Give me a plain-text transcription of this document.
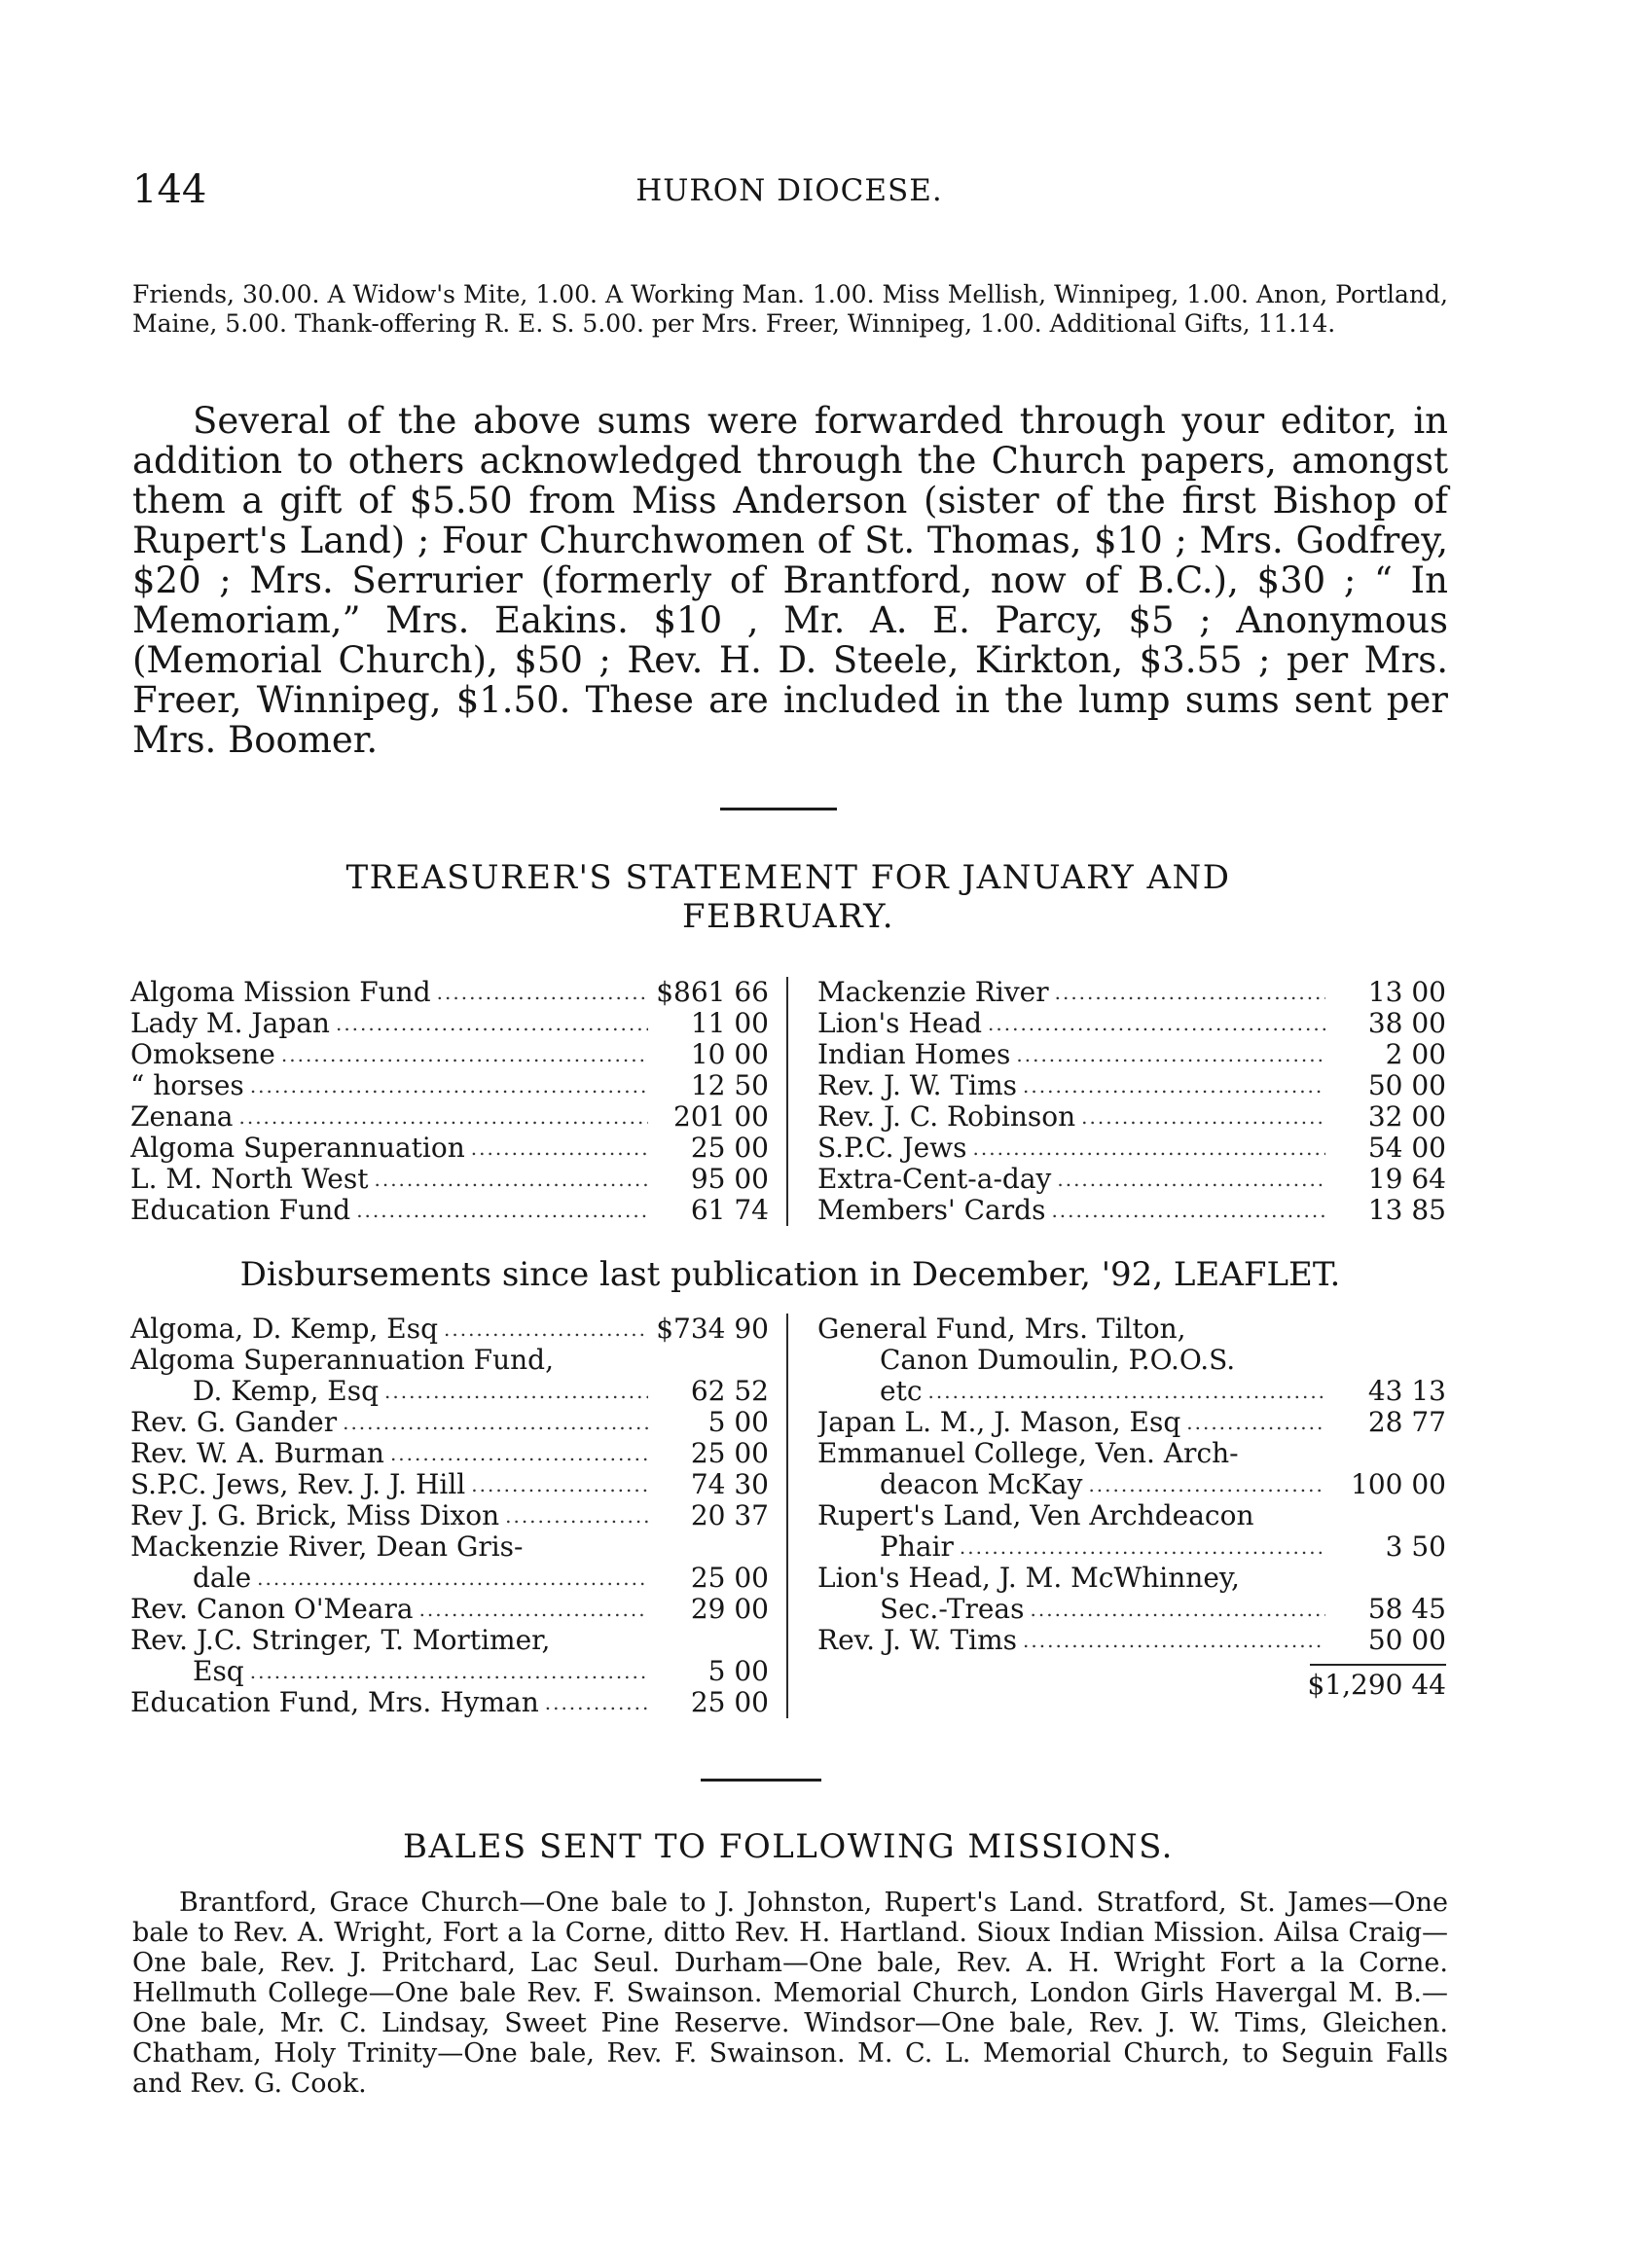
144	HURON DIOCESE.

Friends, 30.00. A Widow's Mite, 1.00. A Working Man. 1.00. Miss Mellish, Winnipeg, 1.00. Anon, Portland, Maine, 5.00. Thank-offering R. E. S. 5.00. per Mrs. Freer, Winnipeg, 1.00. Additional Gifts, 11.14.

Several of the above sums were forwarded through your editor, in addition to others acknowledged through the Church papers, amongst them a gift of $5.50 from Miss Anderson (sister of the first Bishop of Rupert's Land) ; Four Churchwomen of St. Thomas, $10 ; Mrs. Godfrey, $20 ; Mrs. Serrurier (formerly of Brantford, now of B.C.), $30 ; “ In Memoriam,” Mrs. Eakins. $10 , Mr. A. E. Parcy, $5 ; Anonymous (Memorial Church), $50 ; Rev. H. D. Steele, Kirkton, $3.55 ; per Mrs. Freer, Winnipeg, $1.50. These are included in the lump sums sent per Mrs. Boomer.

TREASURER'S STATEMENT FOR JANUARY AND
FEBRUARY.
Algoma Mission Fund .....	$861 66
Lady M. Japan .....	11 00
Omoksene .....	10 00
“ horses .....	12 50
Zenana .....	201 00
Algoma Superannuation .....	25 00
L. M. North West .....	95 00
Education Fund .....	61 74
Mackenzie River .....	13 00
Lion's Head .....	38 00
Indian Homes .....	2 00
Rev. J. W. Tims .....	50 00
Rev. J. C. Robinson .....	32 00
S.P.C. Jews .....	54 00
Extra-Cent-a-day .....	19 64
Members' Cards .....	13 85
Disbursements since last publication in December, '92, LEAFLET.
Algoma, D. Kemp, Esq .....	$734 90
Algoma Superannuation Fund,
D. Kemp, Esq .....	62 52
Rev. G. Gander .....	5 00
Rev. W. A. Burman .....	25 00
S.P.C. Jews, Rev. J. J. Hill .....	74 30
Rev J. G. Brick, Miss Dixon .....	20 37
Mackenzie River, Dean Gris-
dale .....	25 00
Rev. Canon O'Meara .....	29 00
Rev. J.C. Stringer, T. Mortimer,
Esq .....	5 00
Education Fund, Mrs. Hyman .....	25 00
General Fund, Mrs. Tilton,
Canon Dumoulin, P.O.O.S.
etc .....	43 13
Japan L. M., J. Mason, Esq .....	28 77
Emmanuel College, Ven. Arch-
deacon McKay .....	100 00
Rupert's Land, Ven Archdeacon
Phair .....	3 50
Lion's Head, J. M. McWhinney,
Sec.-Treas .....	58 45
Rev. J. W. Tims .....	50 00
$1,290 44
BALES SENT TO FOLLOWING MISSIONS.

Brantford, Grace Church—One bale to J. Johnston, Rupert's Land. Stratford, St. James—One bale to Rev. A. Wright, Fort a la Corne, ditto Rev. H. Hartland. Sioux Indian Mission. Ailsa Craig—One bale, Rev. J. Pritchard, Lac Seul. Durham—One bale, Rev. A. H. Wright Fort a la Corne. Hellmuth College—One bale Rev. F. Swainson. Memorial Church, London Girls Havergal M. B.—One bale, Mr. C. Lindsay, Sweet Pine Reserve. Windsor—One bale, Rev. J. W. Tims, Gleichen. Chatham, Holy Trinity—One bale, Rev. F. Swainson. M. C. L. Memorial Church, to Seguin Falls and Rev. G. Cook.
